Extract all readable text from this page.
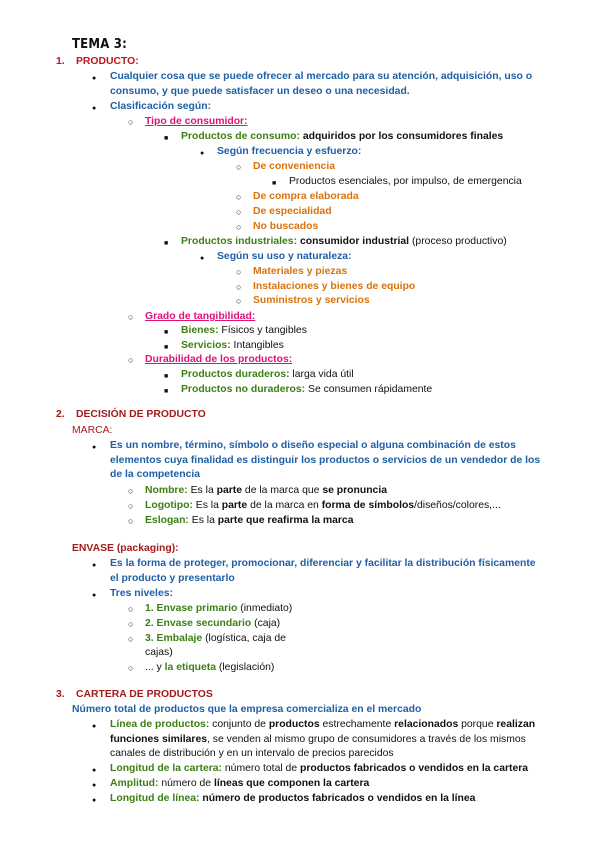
TEMA 3:
1. PRODUCTO:
●
Cualquier cosa que se puede ofrecer al mercado para su atención, adquisición, uso o
consumo, y que puede satisfacer un deseo o una necesidad.
●
Clasificación según:
○
Tipo de consumidor:
■
Productos de consumo: adquiridos por los consumidores finales
●
Según frecuencia y esfuerzo:
○
De conveniencia
■
Productos esenciales, por impulso, de emergencia
○
De compra elaborada
○
De especialidad
○
No buscados
■
Productos industriales: consumidor industrial (proceso productivo)
●
Según su uso y naturaleza:
○
Materiales y piezas
○
Instalaciones y bienes de equipo
○
Suministros y servicios
○
Grado de tangibilidad:
■
Bienes: Físicos y tangibles
■
Servicios: Intangibles
○
Durabilidad de los productos:
■
Productos duraderos: larga vida útil
■
Productos no duraderos: Se consumen rápidamente
2. DECISIÓN DE PRODUCTO
MARCA:
●
Es un nombre, término, símbolo o diseño especial o alguna combinación de estos
elementos cuya finalidad es distinguir los productos o servicios de un vendedor de los
de la competencia
○
Nombre: Es la parte de la marca que se pronuncia
○
Logotipo: Es la parte de la marca en forma de símbolos/diseños/colores,...
○
Eslogan: Es la parte que reafirma la marca
ENVASE (packaging):
●
Es la forma de proteger, promocionar, diferenciar y facilitar la distribución físicamente
el producto y presentarlo
●
Tres niveles:
○
1. Envase primario (inmediato)
○
2. Envase secundario (caja)
○
3. Embalaje (logística, caja de
cajas)
○
... y la etiqueta (legislación)
3. CARTERA DE PRODUCTOS
Número total de productos que la empresa comercializa en el mercado
●
Línea de productos: conjunto de productos estrechamente relacionados porque realizan
funciones similares, se venden al mismo grupo de consumidores a través de los mismos
canales de distribución y en un intervalo de precios parecidos
●
Longitud de la cartera: número total de productos fabricados o vendidos en la cartera
●
Amplitud: número de líneas que componen la cartera
●
Longitud de línea: número de productos fabricados o vendidos en la línea
